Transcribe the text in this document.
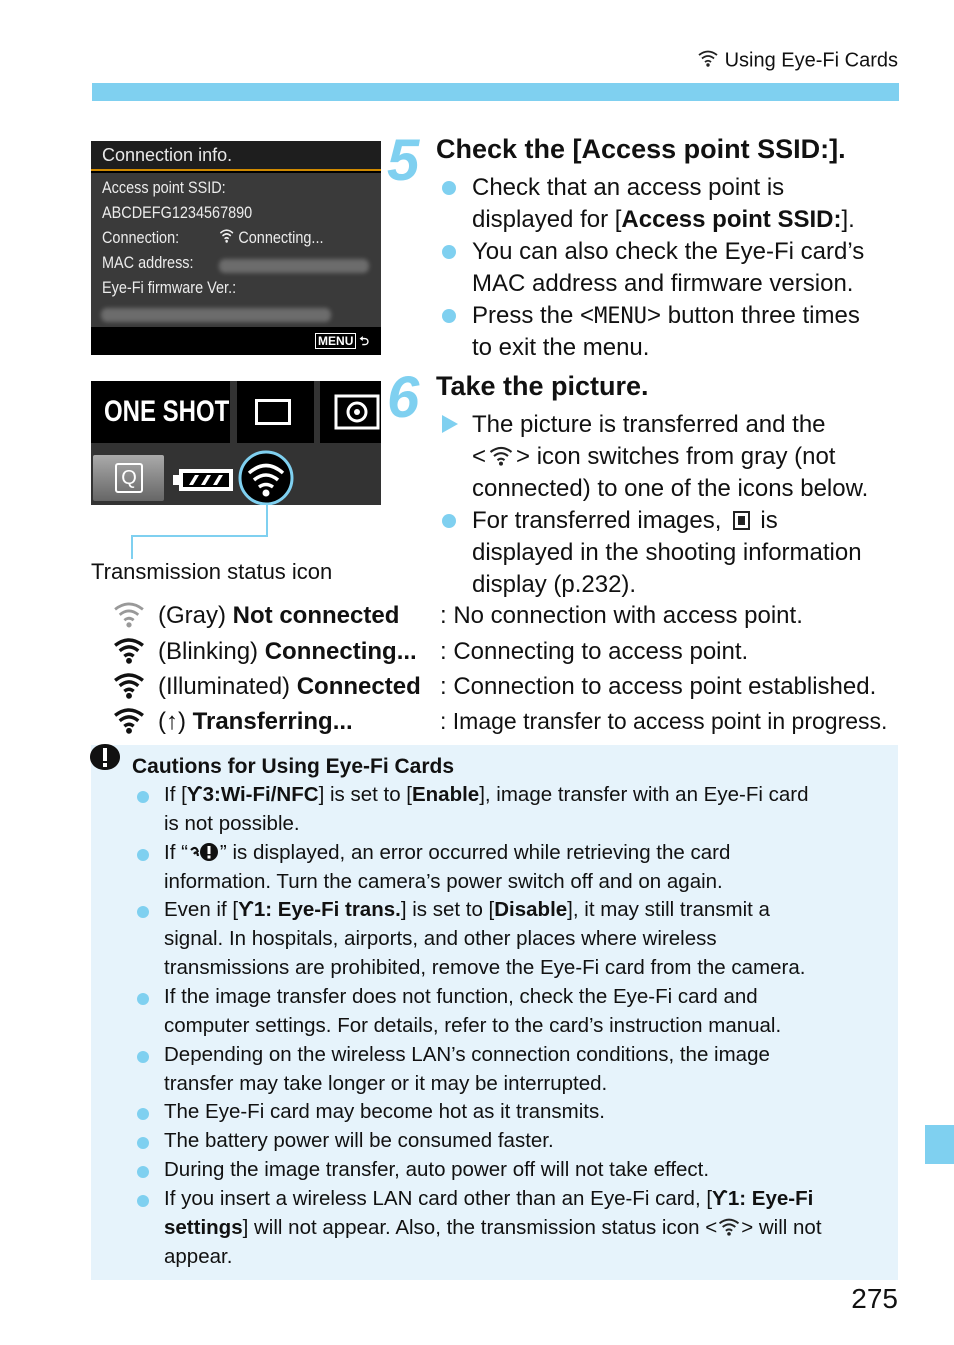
Using Eye-Fi Cards
Connection info.
Access point SSID:
ABCDEFG1234567890
Connection:	Connecting...
MAC address:
Eye-Fi firmware Ver.:
MENU ⮌
ONE SHOT
Q
Transmission status icon
5 Check the [Access point SSID:].
Check that an access point is
displayed for [Access point SSID:].
You can also check the Eye-Fi card’s
MAC address and firmware version.
Press the <MENU> button three times
to exit the menu.
6 Take the picture.
The picture is transferred and the
< > icon switches from gray (not
connected) to one of the icons below.
For transferred images, is
displayed in the shooting information
display (p.232).
(Gray) Not connected : No connection with access point.
(Blinking) Connecting... : Connecting to access point.
(Illuminated) Connected : Connection to access point established.
(↑) Transferring...	: Image transfer to access point in progress.
Cautions for Using Eye-Fi Cards
If [ϒ3:Wi-Fi/NFC] is set to [Enable], image transfer with an Eye-Fi card
is not possible.
If “ ” is displayed, an error occurred while retrieving the card
information. Turn the camera’s power switch off and on again.
Even if [ϒ1: Eye-Fi trans.] is set to [Disable], it may still transmit a
signal. In hospitals, airports, and other places where wireless
transmissions are prohibited, remove the Eye-Fi card from the camera.
If the image transfer does not function, check the Eye-Fi card and
computer settings. For details, refer to the card’s instruction manual.
Depending on the wireless LAN’s connection conditions, the image
transfer may take longer or it may be interrupted.
The Eye-Fi card may become hot as it transmits.
The battery power will be consumed faster.
During the image transfer, auto power off will not take effect.
If you insert a wireless LAN card other than an Eye-Fi card, [ϒ1: Eye-Fi
settings] will not appear. Also, the transmission status icon < > will not
appear.
275
